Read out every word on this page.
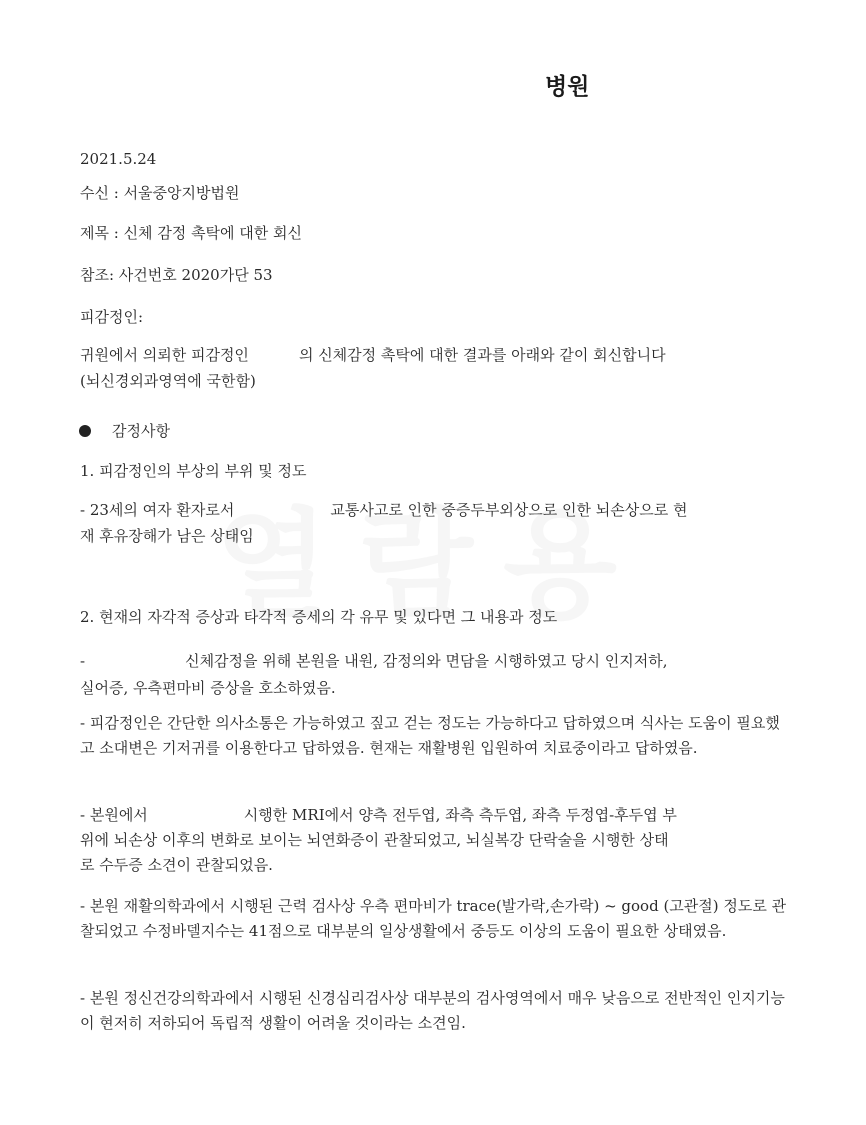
병원
2021.5.24
수신 : 서울중앙지방법원
제목 : 신체 감정 촉탁에 대한 회신
참조: 사건번호 2020가단 53
피감정인:
귀원에서 의뢰한 피감정인	의 신체감정 촉탁에 대한 결과를 아래와 같이 회신합니다
(뇌신경외과영역에 국한함)
감정사항
1. 피감정인의 부상의 부위 및 정도
- 23세의 여자 환자로서	교통사고로 인한 중증두부외상으로 인한 뇌손상으로 현
재 후유장해가 남은 상태임
2. 현재의 자각적 증상과 타각적 증세의 각 유무 및 있다면 그 내용과 정도
-	신체감정을 위해 본원을 내원, 감정의와 면담을 시행하였고 당시 인지저하,
실어증, 우측편마비 증상을 호소하였음.
- 피감정인은 간단한 의사소통은 가능하였고 짚고 걷는 정도는 가능하다고 답하였으며 식사는 도움이 필요했고 소대변은 기저귀를 이용한다고 답하였음. 현재는 재활병원 입원하여 치료중이라고 답하였음.
- 본원에서	시행한 MRI에서 양측 전두엽, 좌측 측두엽, 좌측 두정엽-후두엽 부
위에 뇌손상 이후의 변화로 보이는 뇌연화증이 관찰되었고, 뇌실복강 단락술을 시행한 상태
로 수두증 소견이 관찰되었음.
- 본원 재활의학과에서 시행된 근력 검사상 우측 편마비가 trace(발가락,손가락) ~ good (고관절) 정도로 관찰되었고 수정바델지수는 41점으로 대부분의 일상생활에서 중등도 이상의 도움이 필요한 상태였음.
- 본원 정신건강의학과에서 시행된 신경심리검사상 대부분의 검사영역에서 매우 낮음으로 전반적인 인지기능이 현저히 저하되어 독립적 생활이 어려울 것이라는 소견임.
